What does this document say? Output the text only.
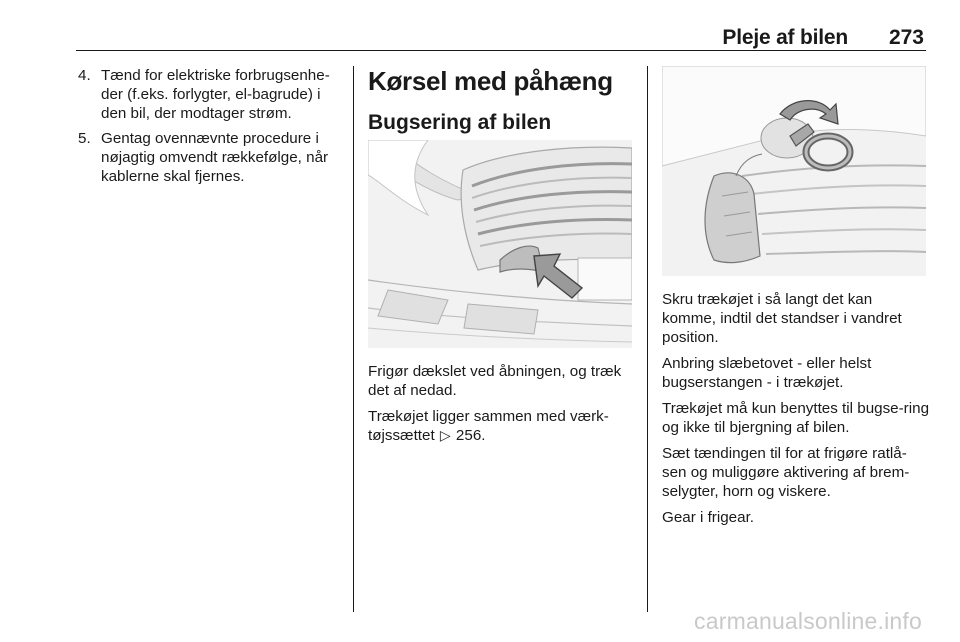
Pleje af bilen 273
4. Tænd for elektriske forbrugsenhe-der (f.eks. forlygter, el-bagrude) i den bil, der modtager strøm.
5. Gentag ovennævnte procedure i nøjagtig omvendt rækkefølge, når kablerne skal fjernes.
Kørsel med påhæng
Bugsering af bilen

Frigør dækslet ved åbningen, og træk det af nedad.

Trækøjet ligger sammen med værk-tøjssættet ▷ 256.

Skru trækøjet i så langt det kan komme, indtil det standser i vandret position.

Anbring slæbetovet - eller helst bugserstangen - i trækøjet.

Trækøjet må kun benyttes til bugse-ring og ikke til bjergning af bilen.

Sæt tændingen til for at frigøre ratlå-sen og muliggøre aktivering af brem-selygter, horn og viskere.

Gear i frigear.

carmanualsonline.info
